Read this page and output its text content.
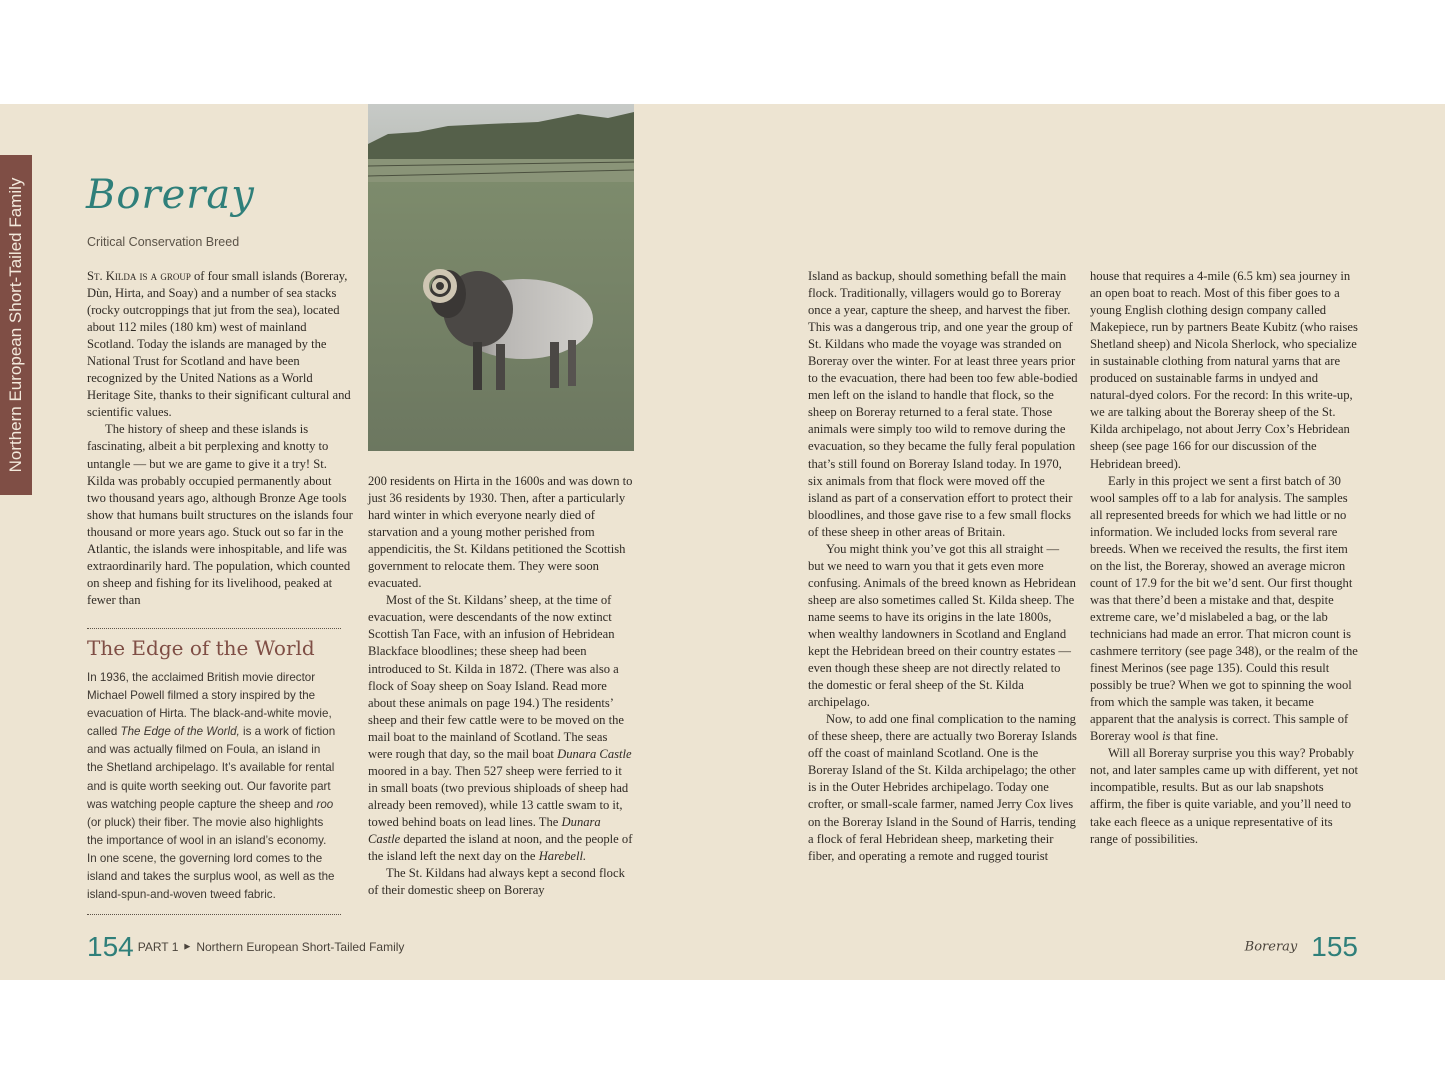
Northern European Short-Tailed Family Boreray
Critical Conservation Breed

St. Kilda is a group of four small islands (Boreray, Dùn, Hirta, and Soay) and a number of sea stacks (rocky outcroppings that jut from the sea), located about 112 miles (180 km) west of mainland Scotland. Today the islands are managed by the National Trust for Scotland and have been recognized by the United Nations as a World Heritage Site, thanks to their significant cultural and scientific values.

The history of sheep and these islands is fascinating, albeit a bit perplexing and knotty to untangle — but we are game to give it a try! St. Kilda was probably occupied permanently about two thousand years ago, although Bronze Age tools show that humans built structures on the islands four thousand or more years ago. Stuck out so far in the Atlantic, the islands were inhospitable, and life was extraordinarily hard. The population, which counted on sheep and fishing for its livelihood, peaked at fewer than

The Edge of the World
In 1936, the acclaimed British movie director Michael Powell filmed a story inspired by the evacuation of Hirta. The black-and-white movie, called The Edge of the World, is a work of fiction and was actually filmed on Foula, an island in the Shetland archipelago. It’s available for rental and is quite worth seeking out. Our favorite part was watching people capture the sheep and roo (or pluck) their fiber. The movie also highlights the importance of wool in an island’s economy. In one scene, the governing lord comes to the island and takes the surplus wool, as well as the island-spun-and-woven tweed fabric.

200 residents on Hirta in the 1600s and was down to just 36 residents by 1930. Then, after a particularly hard winter in which everyone nearly died of starvation and a young mother perished from appendicitis, the St. Kildans petitioned the Scottish government to relocate them. They were soon evacuated.

Most of the St. Kildans’ sheep, at the time of evacuation, were descendants of the now extinct Scottish Tan Face, with an infusion of Hebridean Blackface bloodlines; these sheep had been introduced to St. Kilda in 1872. (There was also a flock of Soay sheep on Soay Island. Read more about these animals on page 194.) The residents’ sheep and their few cattle were to be moved on the mail boat to the mainland of Scotland. The seas were rough that day, so the mail boat Dunara Castle moored in a bay. Then 527 sheep were ferried to it in small boats (two previous shiploads of sheep had already been removed), while 13 cattle swam to it, towed behind boats on lead lines. The Dunara Castle departed the island at noon, and the people of the island left the next day on the Harebell.

The St. Kildans had always kept a second flock of their domestic sheep on Boreray

Island as backup, should something befall the main flock. Traditionally, villagers would go to Boreray once a year, capture the sheep, and harvest the fiber. This was a dangerous trip, and one year the group of St. Kildans who made the voyage was stranded on Boreray over the winter. For at least three years prior to the evacuation, there had been too few able-bodied men left on the island to handle that flock, so the sheep on Boreray returned to a feral state. Those animals were simply too wild to remove during the evacuation, so they became the fully feral population that’s still found on Boreray Island today. In 1970, six animals from that flock were moved off the island as part of a conservation effort to protect their bloodlines, and those gave rise to a few small flocks of these sheep in other areas of Britain.

You might think you’ve got this all straight — but we need to warn you that it gets even more confusing. Animals of the breed known as Hebridean sheep are also sometimes called St. Kilda sheep. The name seems to have its origins in the late 1800s, when wealthy landowners in Scotland and England kept the Hebridean breed on their country estates — even though these sheep are not directly related to the domestic or feral sheep of the St. Kilda archipelago.

Now, to add one final complication to the naming of these sheep, there are actually two Boreray Islands off the coast of mainland Scotland. One is the Boreray Island of the St. Kilda archipelago; the other is in the Outer Hebrides archipelago. Today one crofter, or small-scale farmer, named Jerry Cox lives on the Boreray Island in the Sound of Harris, tending a flock of feral Hebridean sheep, marketing their fiber, and operating a remote and rugged tourist

house that requires a 4-mile (6.5 km) sea journey in an open boat to reach. Most of this fiber goes to a young English clothing design company called Makepiece, run by partners Beate Kubitz (who raises Shetland sheep) and Nicola Sherlock, who specialize in sustainable clothing from natural yarns that are produced on sustainable farms in undyed and natural-dyed colors. For the record: In this write-up, we are talking about the Boreray sheep of the St. Kilda archipelago, not about Jerry Cox’s Hebridean sheep (see page 166 for our discussion of the Hebridean breed).

Early in this project we sent a first batch of 30 wool samples off to a lab for analysis. The samples all represented breeds for which we had little or no information. We included locks from several rare breeds. When we received the results, the first item on the list, the Boreray, showed an average micron count of 17.9 for the bit we’d sent. Our first thought was that there’d been a mistake and that, despite extreme care, we’d mislabeled a bag, or the lab technicians had made an error. That micron count is cashmere territory (see page 348), or the realm of the finest Merinos (see page 135). Could this result possibly be true? When we got to spinning the wool from which the sample was taken, it became apparent that the analysis is correct. This sample of Boreray wool is that fine.

Will all Boreray surprise you this way? Probably not, and later samples came up with different, yet not incompatible, results. But as our lab snapshots affirm, the fiber is quite variable, and you’ll need to take each fleece as a unique representative of its range of possibilities.

154 PART 1 ► Northern European Short-Tailed Family	Boreray 155
